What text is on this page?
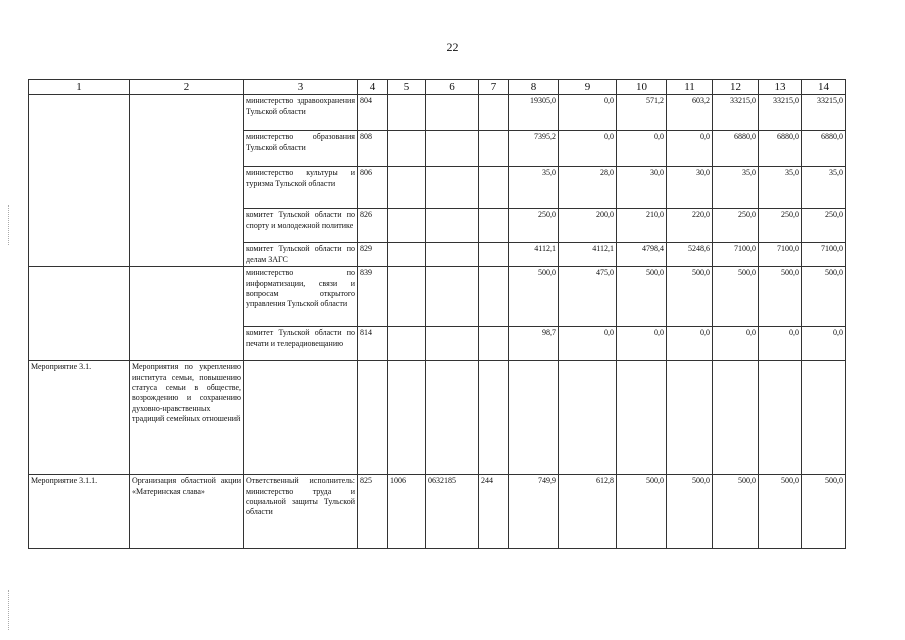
22
1	2	3	4	5	6	7	8	9	10	11	12	13	14
		министерство здравоохранения Тульской области	804				19305,0	0,0	571,2	603,2	33215,0	33215,0	33215,0
		министерство образования Тульской области	808				7395,2	0,0	0,0	0,0	6880,0	6880,0	6880,0
		министерство культуры и туризма Тульской области	806				35,0	28,0	30,0	30,0	35,0	35,0	35,0
		комитет Тульской области по спорту и молодежной политике	826				250,0	200,0	210,0	220,0	250,0	250,0	250,0
		комитет Тульской области по делам ЗАГС	829				4112,1	4112,1	4798,4	5248,6	7100,0	7100,0	7100,0
		министерство по информатизации, связи и вопросам открытого управления Тульской области	839				500,0	475,0	500,0	500,0	500,0	500,0	500,0
		комитет Тульской области по печати и телерадиовещанию	814				98,7	0,0	0,0	0,0	0,0	0,0	0,0
Мероприятие 3.1.	Мероприятия по укреплению института семьи, повышению статуса семьи в обществе, возрождению и сохранению духовно-нравственных традиций семейных отношений												
Мероприятие 3.1.1.	Организация областной акции «Материнская слава»	Ответственный исполнитель: министерство труда и социальной защиты Тульской области	825	1006	0632185	244	749,9	612,8	500,0	500,0	500,0	500,0	500,0
